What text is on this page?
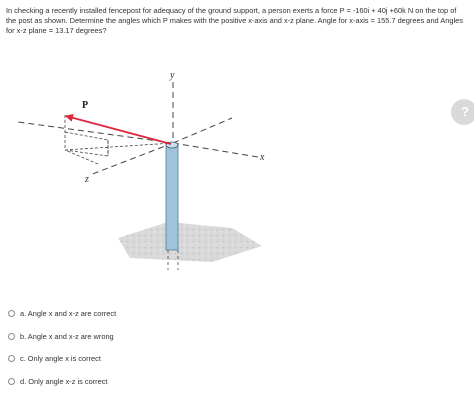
In checking a recently installed fencepost for adequacy of the ground support, a person exerts a force P = -160i + 40j +60k N on the top of the post as shown. Determine the angles which P makes with the positive x-axis and x-z plane. Angle for x-axis = 155.7 degrees and Angles for x-z plane = 13.17 degrees?
P
y
x
z
?
a. Angle x and x-z are correct
b. Angle x and x-z are wrong
c. Only angle x is correct
d. Only angle x-z is correct
